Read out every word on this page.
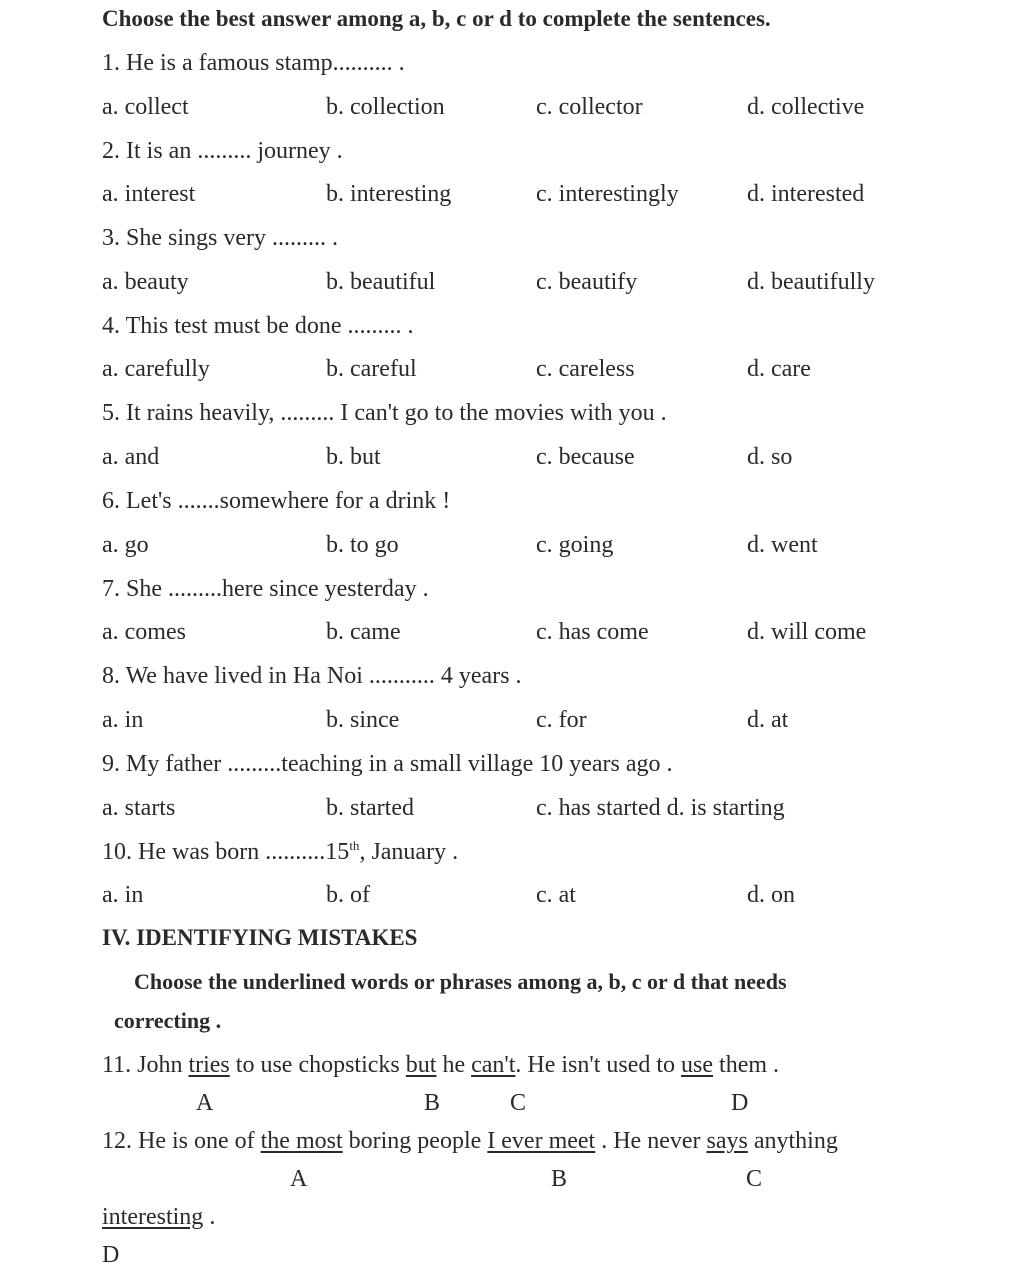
Choose the best answer among a, b, c or d to complete the sentences.
1. He is a famous stamp.......... .
a. collect	b. collection	c. collector	d. collective
2. It is an ......... journey .
a. interest	b. interesting	c. interestingly	d. interested
3. She sings very ......... .
a. beauty	b. beautiful	c. beautify	d. beautifully
4. This test must be done ......... .
a. carefully	b. careful	c. careless	d. care
5. It rains heavily, ......... I can't go to the movies with you .
a. and	b. but	c. because	d. so
6. Let's .......somewhere for a drink !
a. go	b. to go	c. going	d. went
7. She .........here since yesterday .
a. comes	b. came	c. has come	d. will come
8. We have lived in Ha Noi ........... 4 years .
a. in	b. since	c. for	d. at
9. My father .........teaching in a small village 10 years ago .
a. starts	b. started	c. has started d. is starting
10. He was born ..........15th, January .
a. in	b. of	c. at	d. on
IV. IDENTIFYING MISTAKES
Choose the underlined words or phrases among a, b, c or d that needs
correcting .
11. John tries to use chopsticks but he can't. He isn't used to use them .
A	B	C	D
12. He is one of the most boring people I ever meet . He never says anything
A	B	C
interesting .
D
